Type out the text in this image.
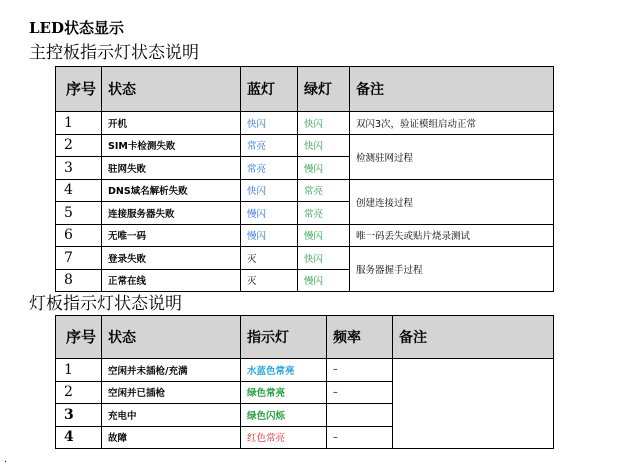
LED状态显示
主控板指示灯状态说明
序号	状态	蓝灯	绿灯	备注
1	开机	快闪	快闪	双闪3次，验证模组启动正常
2	SIM卡检测失败	常亮	快闪	检测驻网过程
3	驻网失败	常亮	慢闪	
4	DNS域名解析失败	快闪	常亮	创建连接过程
5	连接服务器失败	慢闪	常亮	
6	无唯一码	慢闪	慢闪	唯一码丢失或贴片烧录测试
7	登录失败	灭	快闪	服务器握手过程
8	正常在线	灭	慢闪	
灯板指示灯状态说明
序号	状态	指示灯	频率	备注
1	空闲并未插枪/充满	水蓝色常亮	–	
2	空闲并已插枪	绿色常亮	–	
3	充电中	绿色闪烁		
4	故障	红色常亮	–	
.
